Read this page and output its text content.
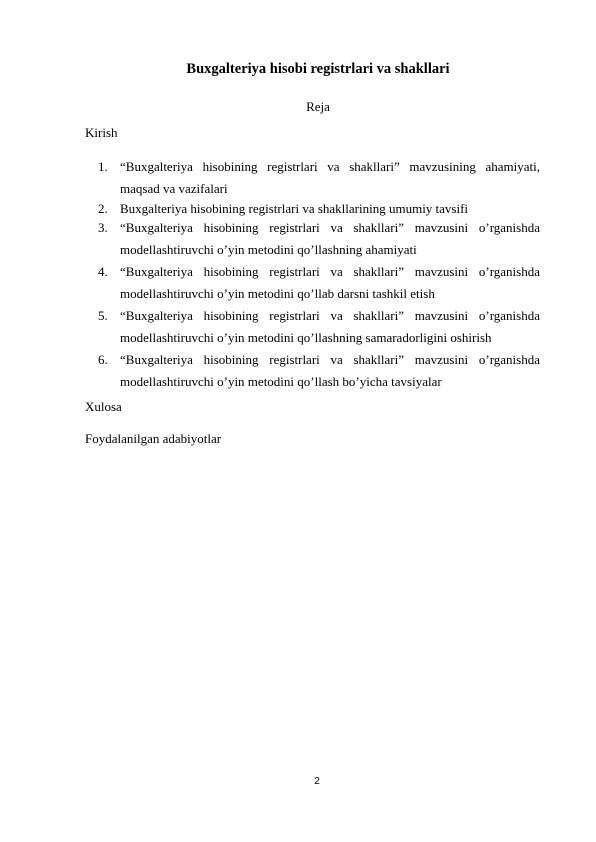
Buxgalteriya hisobi registrlari va shakllari
Reja
Kirish
1. “Buxgalteriya hisobining registrlari va shakllari” mavzusining ahamiyati, maqsad va vazifalari
2. Buxgalteriya hisobining registrlari va shakllarining umumiy tavsifi
3. “Buxgalteriya hisobining registrlari va shakllari” mavzusini o’rganishda modellashtiruvchi o’yin metodini qo’llashning ahamiyati
4. “Buxgalteriya hisobining registrlari va shakllari” mavzusini o’rganishda modellashtiruvchi o’yin metodini qo’llab darsni tashkil etish
5. “Buxgalteriya hisobining registrlari va shakllari” mavzusini o’rganishda modellashtiruvchi o’yin metodini qo’llashning samaradorligini oshirish
6. “Buxgalteriya hisobining registrlari va shakllari” mavzusini o’rganishda modellashtiruvchi o’yin metodini qo’llash bo’yicha tavsiyalar
Xulosa
Foydalanilgan adabiyotlar
2
